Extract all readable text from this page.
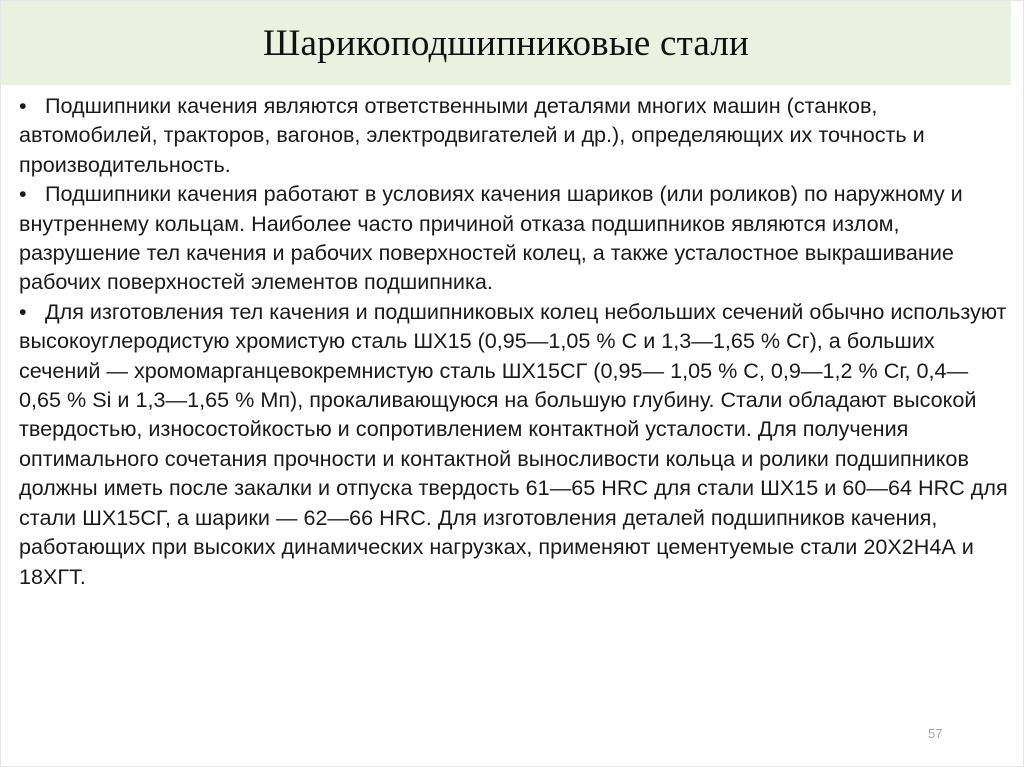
Шарикоподшипниковые стали

• Подшипники качения являются ответственными деталями многих машин (станков, автомобилей, тракторов, вагонов, электродвигателей и др.), определяющих их точность и производительность.

• Подшипники качения работают в условиях качения шариков (или роликов) по наружному и внутреннему кольцам. Наиболее часто причиной отказа подшипников являются излом, разрушение тел качения и рабочих поверхностей колец, а также усталостное выкрашивание рабочих поверхностей элементов подшипника.

• Для изготовления тел качения и подшипниковых колец небольших сечений обычно используют высокоуглеродистую хромистую сталь ШХ15 (0,95—1,05 % С и 1,3—1,65 % Сг), а больших сечений — хромомарганцевокремнистую сталь ШХ15СГ (0,95— 1,05 % С, 0,9—1,2 % Сг, 0,4—0,65 % Si и 1,3—1,65 % Мп), прокаливающуюся на большую глубину. Стали обладают высокой твердостью, износостойкостью и сопротивлением контактной усталости. Для получения оптимального сочетания прочности и контактной выносливости кольца и ролики подшипников должны иметь после закалки и отпуска твердость 61—65 HRC для стали ШХ15 и 60—64 HRC для стали ШХ15СГ, а шарики — 62—66 HRC. Для изготовления деталей подшипников качения, работающих при высоких динамических нагрузках, применяют цементуемые стали 20Х2Н4А и 18ХГТ.

57
